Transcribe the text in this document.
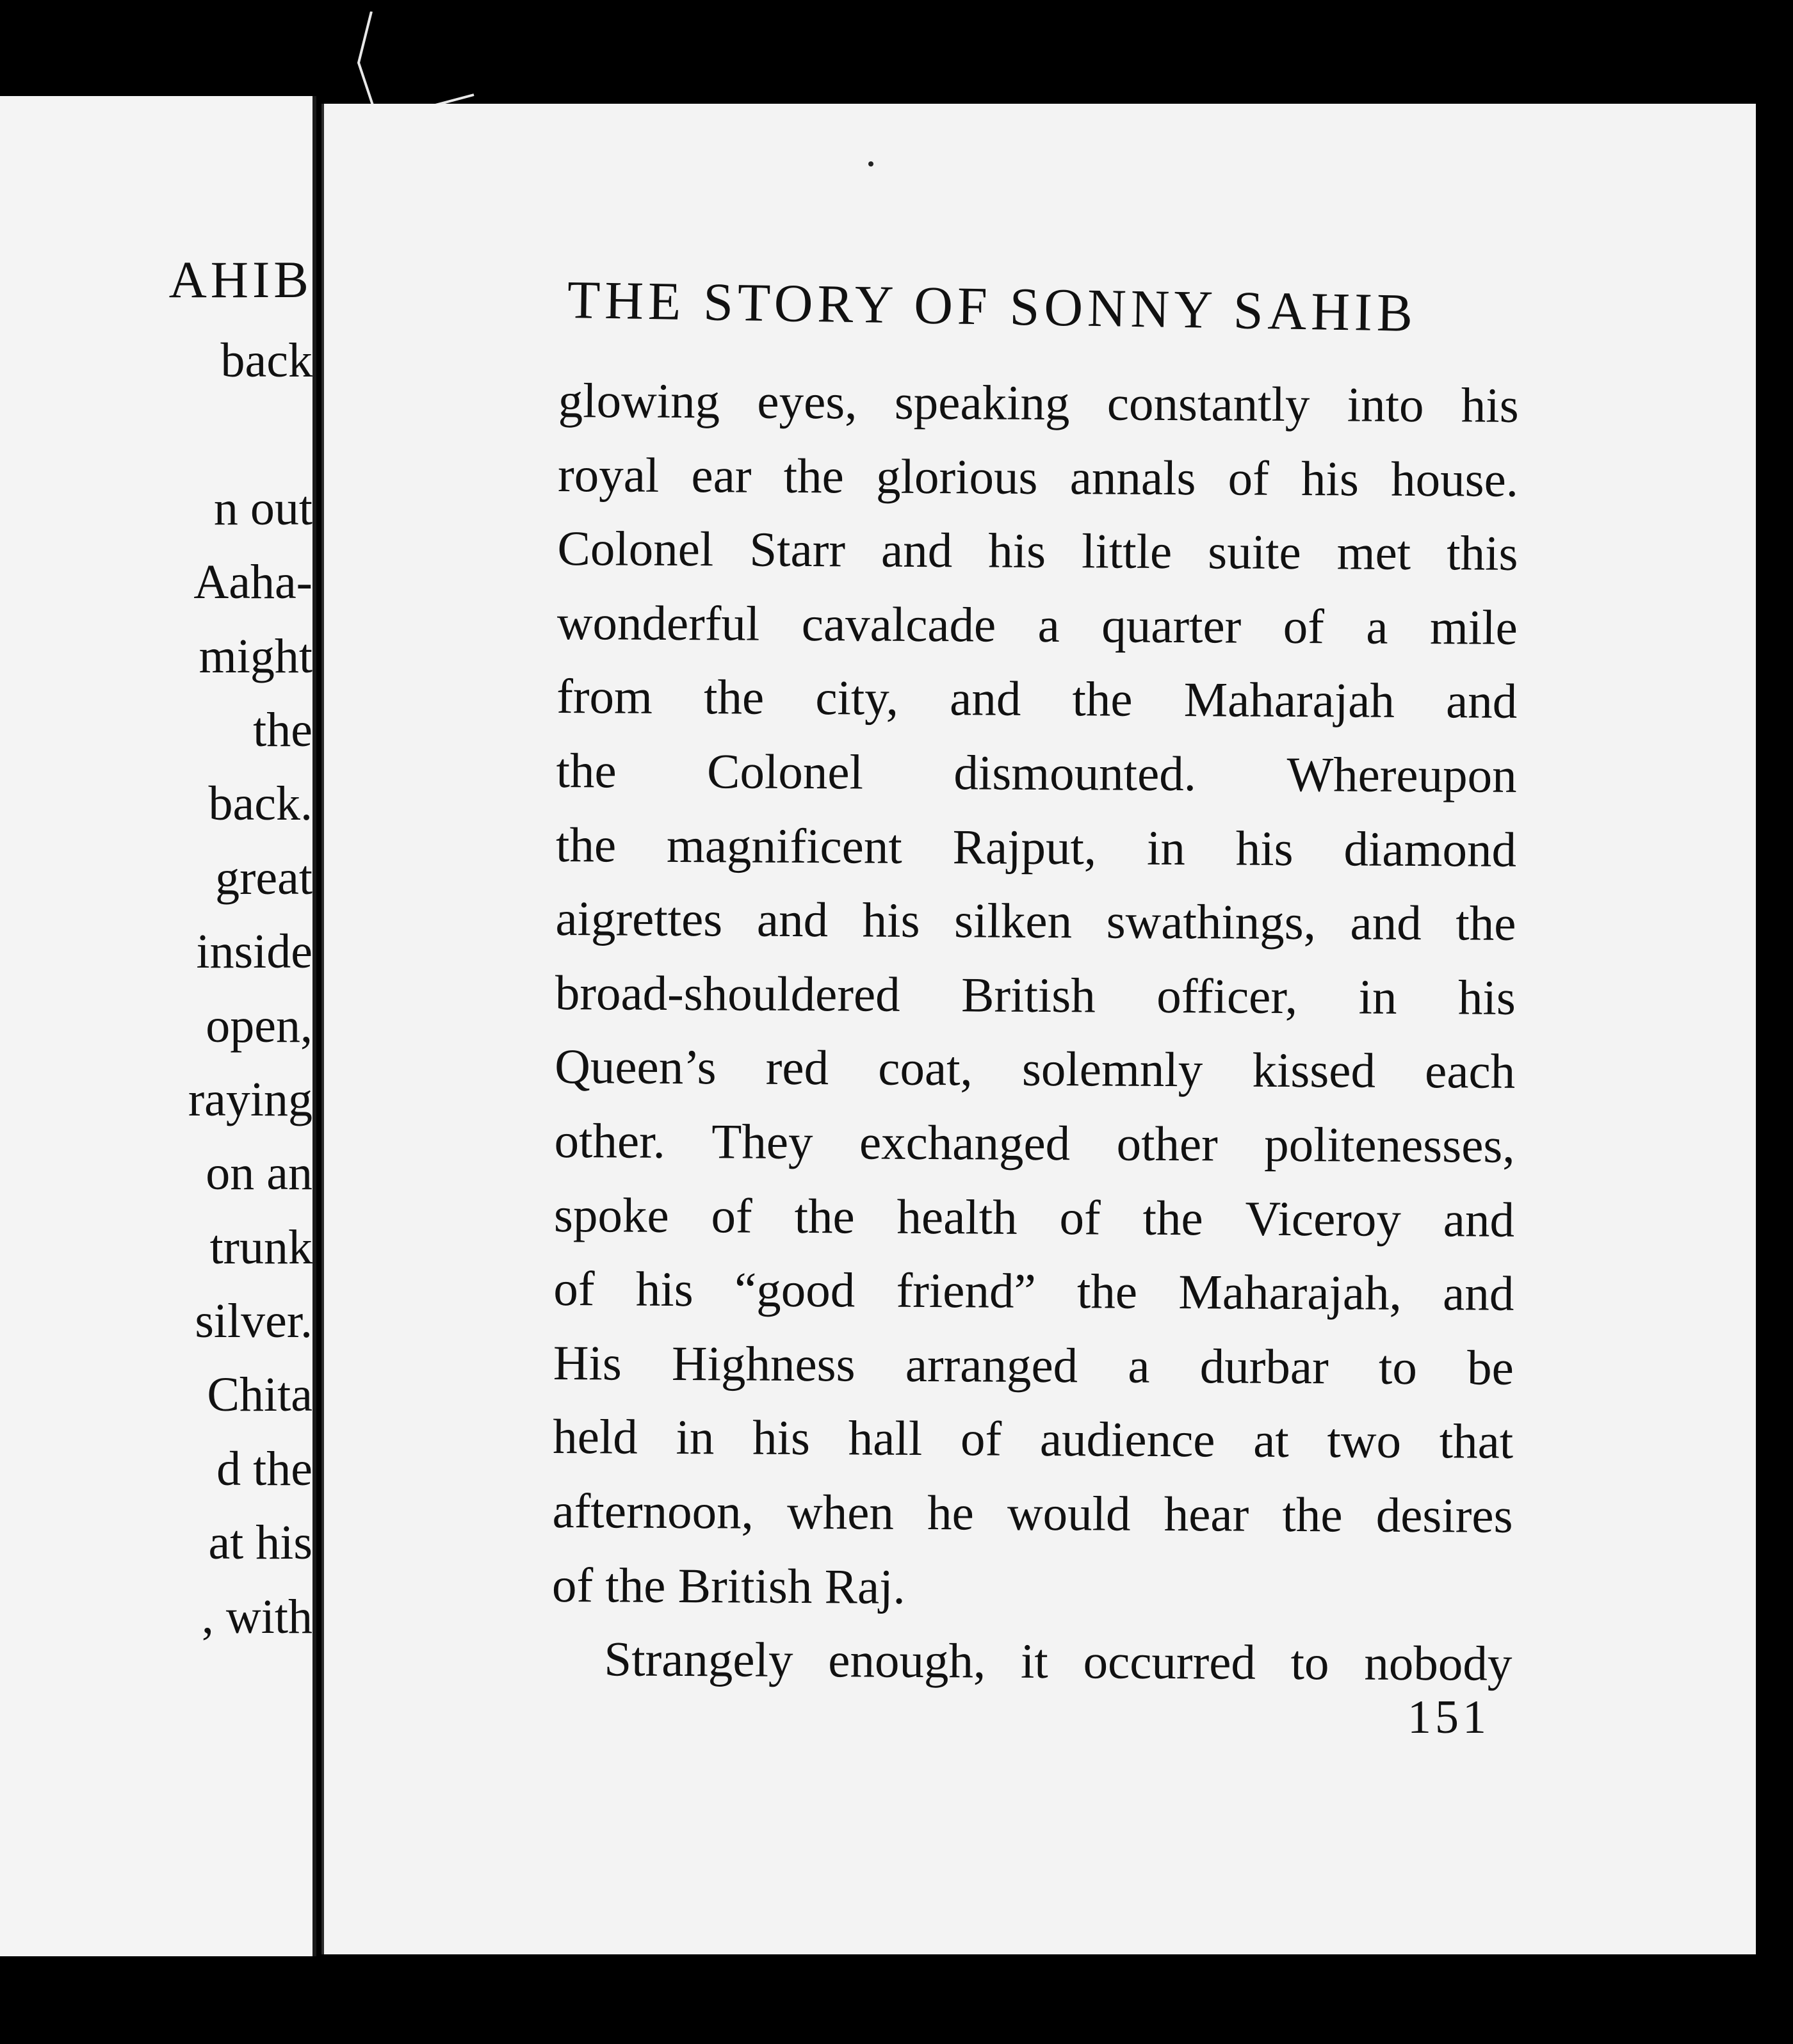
AHIB
back
n out
Aaha-
might
the
back.
great
inside
open,
raying
on an
trunk
silver.
Chita
d the
at his
, with
THE STORY OF SONNY SAHIB
glowing eyes, speaking constantly into his
royal ear the glorious annals of his house.
Colonel Starr and his little suite met this
wonderful cavalcade a quarter of a mile
from the city, and the Maharajah and
the Colonel dismounted. Whereupon
the magnificent Rajput, in his diamond
aigrettes and his silken swathings, and the
broad-shouldered British officer, in his
Queen’s red coat, solemnly kissed each
other. They exchanged other politenesses,
spoke of the health of the Viceroy and
of his “good friend” the Maharajah, and
His Highness arranged a durbar to be
held in his hall of audience at two that
afternoon, when he would hear the desires
of the British Raj.
Strangely enough, it occurred to nobody
151
